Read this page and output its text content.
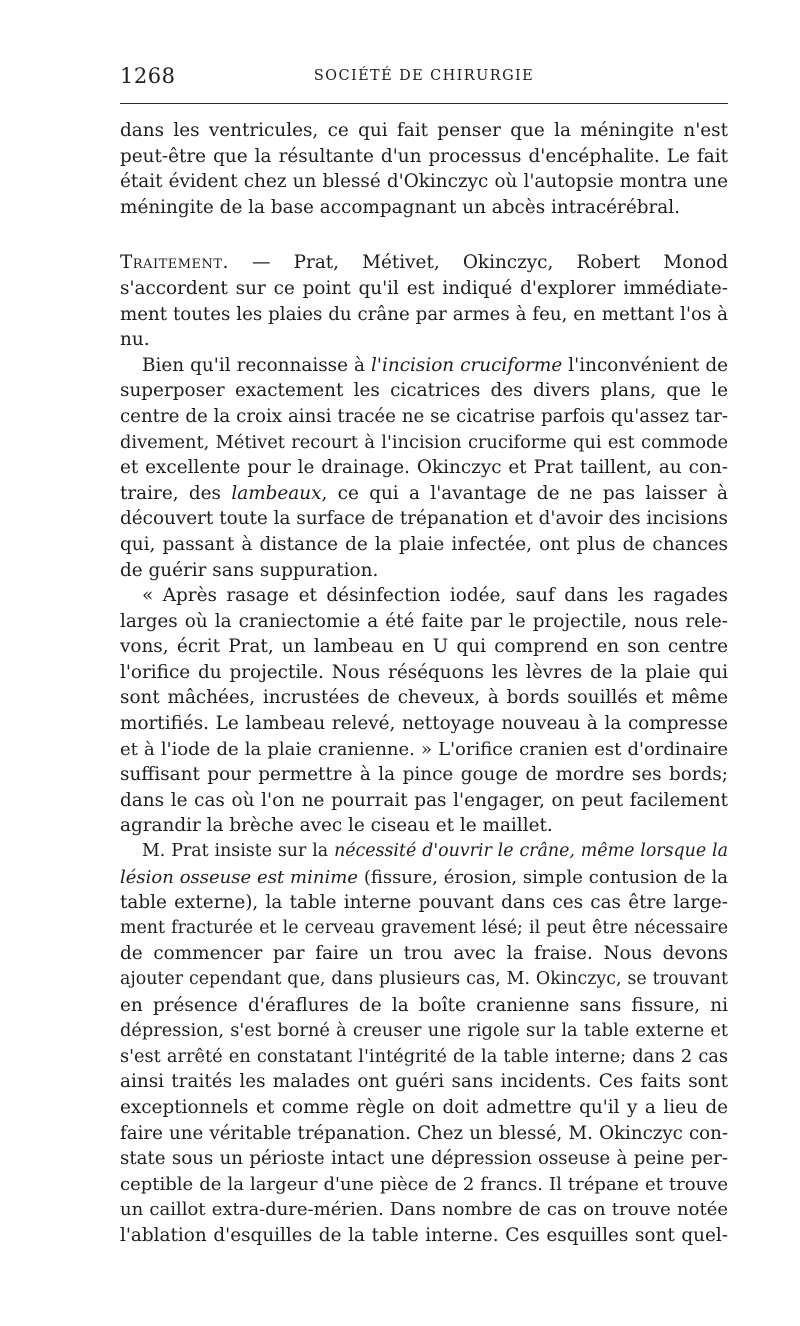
1268	SOCIÉTÉ DE CHIRURGIE
dans les ventricules, ce qui fait penser que la méningite n'est
peut-être que la résultante d'un processus d'encéphalite. Le fait
était évident chez un blessé d'Okinczyc où l'autopsie montra une
méningite de la base accompagnant un abcès intracérébral.
Traitement. — Prat, Métivet, Okinczyc, Robert Monod
s'accordent sur ce point qu'il est indiqué d'explorer immédiate-
ment toutes les plaies du crâne par armes à feu, en mettant l'os à
nu.
Bien qu'il reconnaisse à l'incision cruciforme l'inconvénient de
superposer exactement les cicatrices des divers plans, que le
centre de la croix ainsi tracée ne se cicatrise parfois qu'assez tar-
divement, Métivet recourt à l'incision cruciforme qui est commode
et excellente pour le drainage. Okinczyc et Prat taillent, au con-
traire, des lambeaux, ce qui a l'avantage de ne pas laisser à
découvert toute la surface de trépanation et d'avoir des incisions
qui, passant à distance de la plaie infectée, ont plus de chances
de guérir sans suppuration.
« Après rasage et désinfection iodée, sauf dans les ragades
larges où la craniectomie a été faite par le projectile, nous rele-
vons, écrit Prat, un lambeau en U qui comprend en son centre
l'orifice du projectile. Nous réséquons les lèvres de la plaie qui
sont mâchées, incrustées de cheveux, à bords souillés et même
mortifiés. Le lambeau relevé, nettoyage nouveau à la compresse
et à l'iode de la plaie cranienne. » L'orifice cranien est d'ordinaire
suffisant pour permettre à la pince gouge de mordre ses bords;
dans le cas où l'on ne pourrait pas l'engager, on peut facilement
agrandir la brèche avec le ciseau et le maillet.
M. Prat insiste sur la nécessité d'ouvrir le crâne, même lorsque la
lésion osseuse est minime (fissure, érosion, simple contusion de la
table externe), la table interne pouvant dans ces cas être large-
ment fracturée et le cerveau gravement lésé; il peut être nécessaire
de commencer par faire un trou avec la fraise. Nous devons
ajouter cependant que, dans plusieurs cas, M. Okinczyc, se trouvant
en présence d'éraflures de la boîte cranienne sans fissure, ni
dépression, s'est borné à creuser une rigole sur la table externe et
s'est arrêté en constatant l'intégrité de la table interne; dans 2 cas
ainsi traités les malades ont guéri sans incidents. Ces faits sont
exceptionnels et comme règle on doit admettre qu'il y a lieu de
faire une véritable trépanation. Chez un blessé, M. Okinczyc con-
state sous un périoste intact une dépression osseuse à peine per-
ceptible de la largeur d'une pièce de 2 francs. Il trépane et trouve
un caillot extra-dure-mérien. Dans nombre de cas on trouve notée
l'ablation d'esquilles de la table interne. Ces esquilles sont quel-
